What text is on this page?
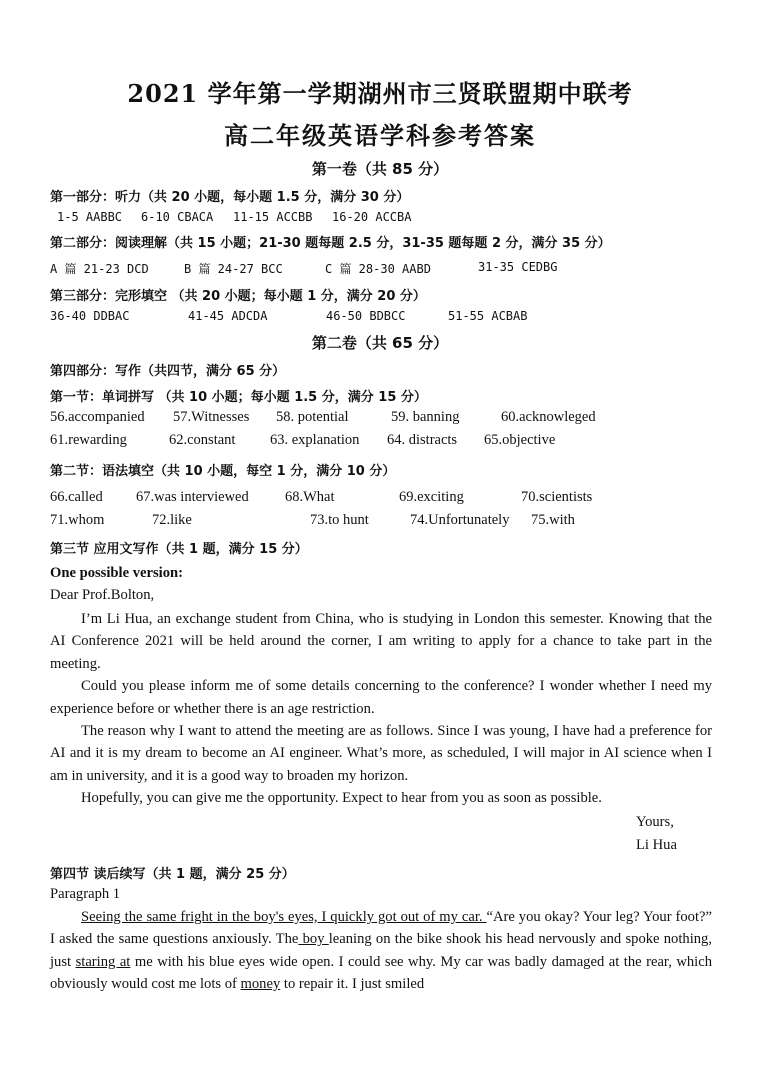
2021 学年第一学期湖州市三贤联盟期中联考
高二年级英语学科参考答案
第一卷（共 85 分）
第一部分：听力（共 20 小题，每小题 1.5 分，满分 30 分）
1-5 AABBC 6-10 CBACA 11-15 ACCBB 16-20 ACCBA
第二部分：阅读理解（共 15 小题；21-30 题每题 2.5 分，31-35 题每题 2 分，满分 35 分）
A 篇 21-23 DCD	B 篇 24-27 BCC	C 篇 28-30 AABD	31-35 CEDBG
第三部分：完形填空 （共 20 小题；每小题 1 分，满分 20 分）
36-40 DDBAC	41-45 ADCDA	46-50 BDBCC	51-55 ACBAB
第二卷（共 65 分）
第四部分：写作（共四节，满分 65 分）
第一节：单词拼写 （共 10 小题；每小题 1.5 分，满分 15 分）
56.accompanied 57.Witnesses 58. potential	59. banning	60.acknowleged
61.rewarding	62.constant 63. explanation 64. distracts 65.objective
第二节：语法填空（共 10 小题，每空 1 分，满分 10 分）
66.called 67.was interviewed	68.What	69.exciting	70.scientists
71.whom	72.like	73.to hunt	74.Unfortunately 75.with
第三节 应用文写作（共 1 题，满分 15 分）
One possible version:
Dear Prof.Bolton,

I’m Li Hua, an exchange student from China, who is studying in London this semester. Knowing that the AI Conference 2021 will be held around the corner, I am writing to apply for a chance to take part in the meeting.

Could you please inform me of some details concerning to the conference? I wonder whether I need my experience before or whether there is an age restriction.

The reason why I want to attend the meeting are as follows. Since I was young, I have had a preference for AI and it is my dream to become an AI engineer. What’s more, as scheduled, I will major in AI science when I am in university, and it is a good way to broaden my horizon.

Hopefully, you can give me the opportunity. Expect to hear from you as soon as possible.

Yours,
Li Hua
第四节 读后续写（共 1 题，满分 25 分）
Paragraph 1

Seeing the same fright in the boy's eyes, I quickly got out of my car. “Are you okay? Your leg? Your foot?” I asked the same questions anxiously. The boy leaning on the bike shook his head nervously and spoke nothing, just staring at me with his blue eyes wide open. I could see why. My car was badly damaged at the rear, which obviously would cost me lots of money to repair it. I just smiled
